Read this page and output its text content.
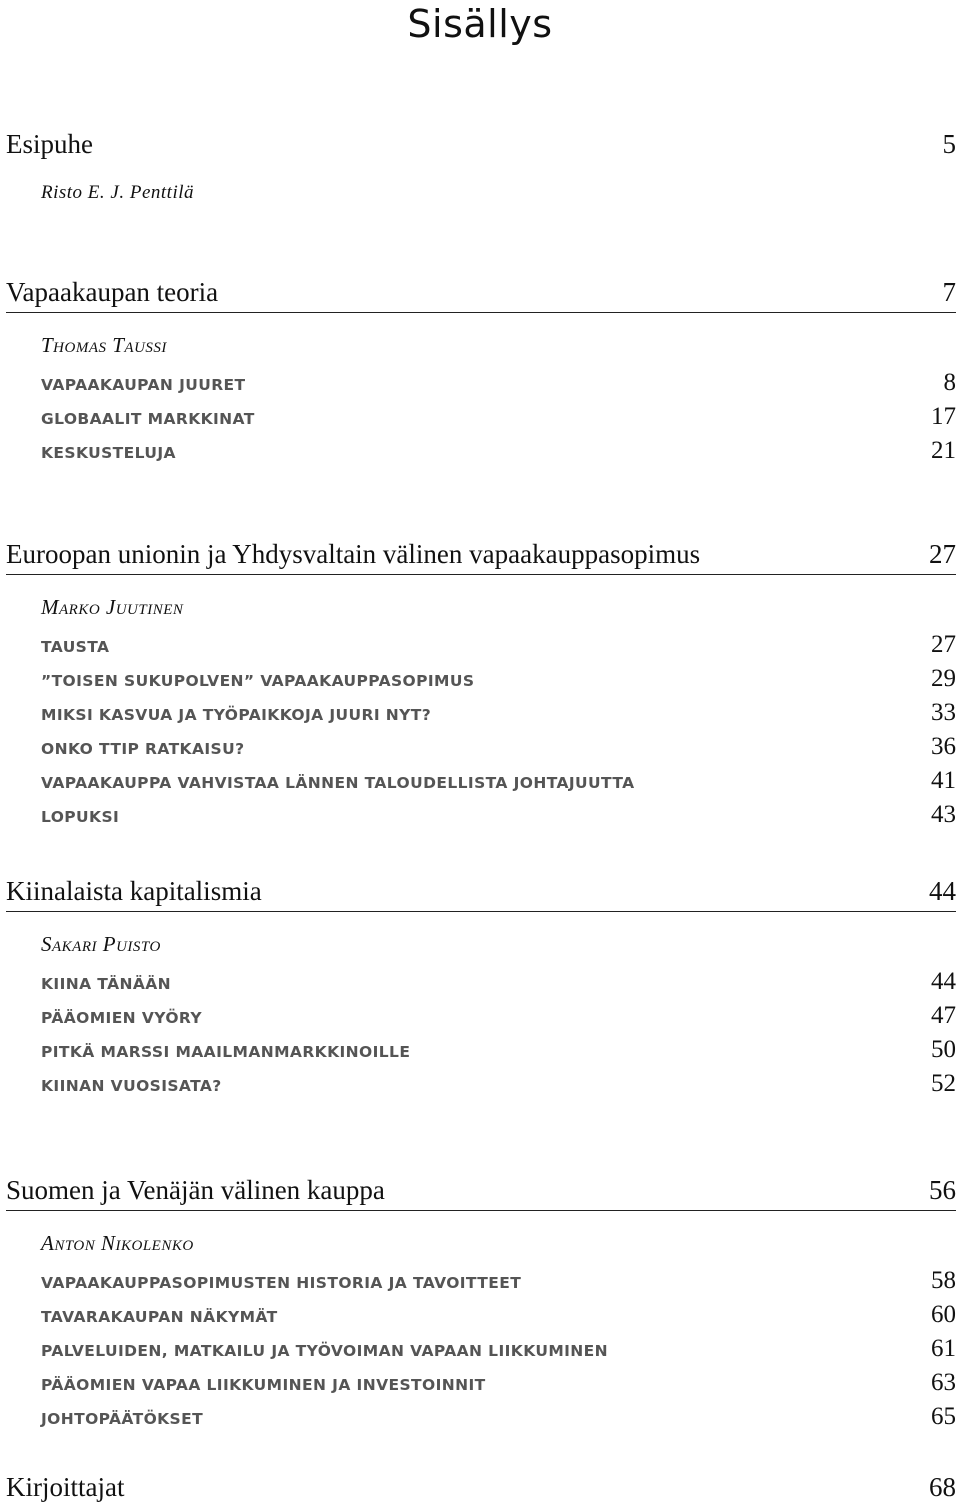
Sisällys
Esipuhe	5
Risto E. J. Penttilä
Vapaakaupan teoria	7
Thomas Taussi
VAPAAKAUPAN JUURET	8
GLOBAALIT MARKKINAT	17
KESKUSTELUJA	21
Euroopan unionin ja Yhdysvaltain välinen vapaakauppasopimus	27
Marko Juutinen
TAUSTA	27
”TOISEN SUKUPOLVEN” VAPAAKAUPPASOPIMUS	29
MIKSI KASVUA JA TYÖPAIKKOJA JUURI NYT?	33
ONKO TTIP RATKAISU?	36
VAPAAKAUPPA VAHVISTAA LÄNNEN TALOUDELLISTA JOHTAJUUTTA	41
LOPUKSI	43
Kiinalaista kapitalismia	44
Sakari Puisto
KIINA TÄNÄÄN	44
PÄÄOMIEN VYÖRY	47
PITKÄ MARSSI MAAILMANMARKKINOILLE	50
KIINAN VUOSISATA?	52
Suomen ja Venäjän välinen kauppa	56
Anton Nikolenko
VAPAAKAUPPASOPIMUSTEN HISTORIA JA TAVOITTEET	58
TAVARAKAUPAN NÄKYMÄT	60
PALVELUIDEN, MATKAILU JA TYÖVOIMAN VAPAAN LIIKKUMINEN	61
PÄÄOMIEN VAPAA LIIKKUMINEN JA INVESTOINNIT	63
JOHTOPÄÄTÖKSET	65
Kirjoittajat	68
